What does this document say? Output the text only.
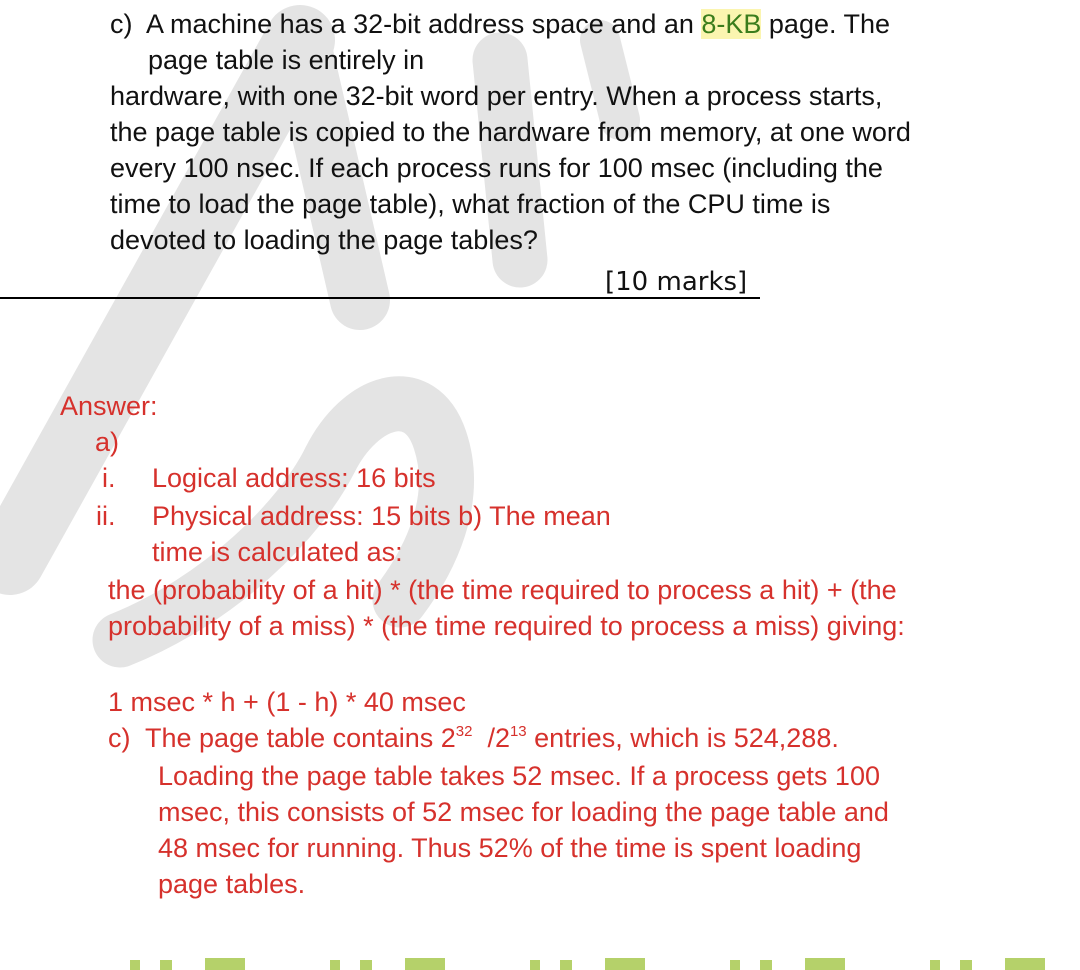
c) A machine has a 32-bit address space and an 8-KB page. The
page table is entirely in
hardware, with one 32-bit word per entry. When a process starts,
the page table is copied to the hardware from memory, at one word
every 100 nsec. If each process runs for 100 msec (including the
time to load the page table), what fraction of the CPU time is
devoted to loading the page tables?
[10 marks]
Answer:
a)
i. Logical address: 16 bits
ii. Physical address: 15 bits b) The mean
time is calculated as:
the (probability of a hit) * (the time required to process a hit) + (the
probability of a miss) * (the time required to process a miss) giving:
1 msec * h + (1 - h) * 40 msec
c) The page table contains $2^{32}$  $/2^{13}$ entries, which is 524,288.
Loading the page table takes 52 msec. If a process gets 100
msec, this consists of 52 msec for loading the page table and
48 msec for running. Thus 52% of the time is spent loading
page tables.
